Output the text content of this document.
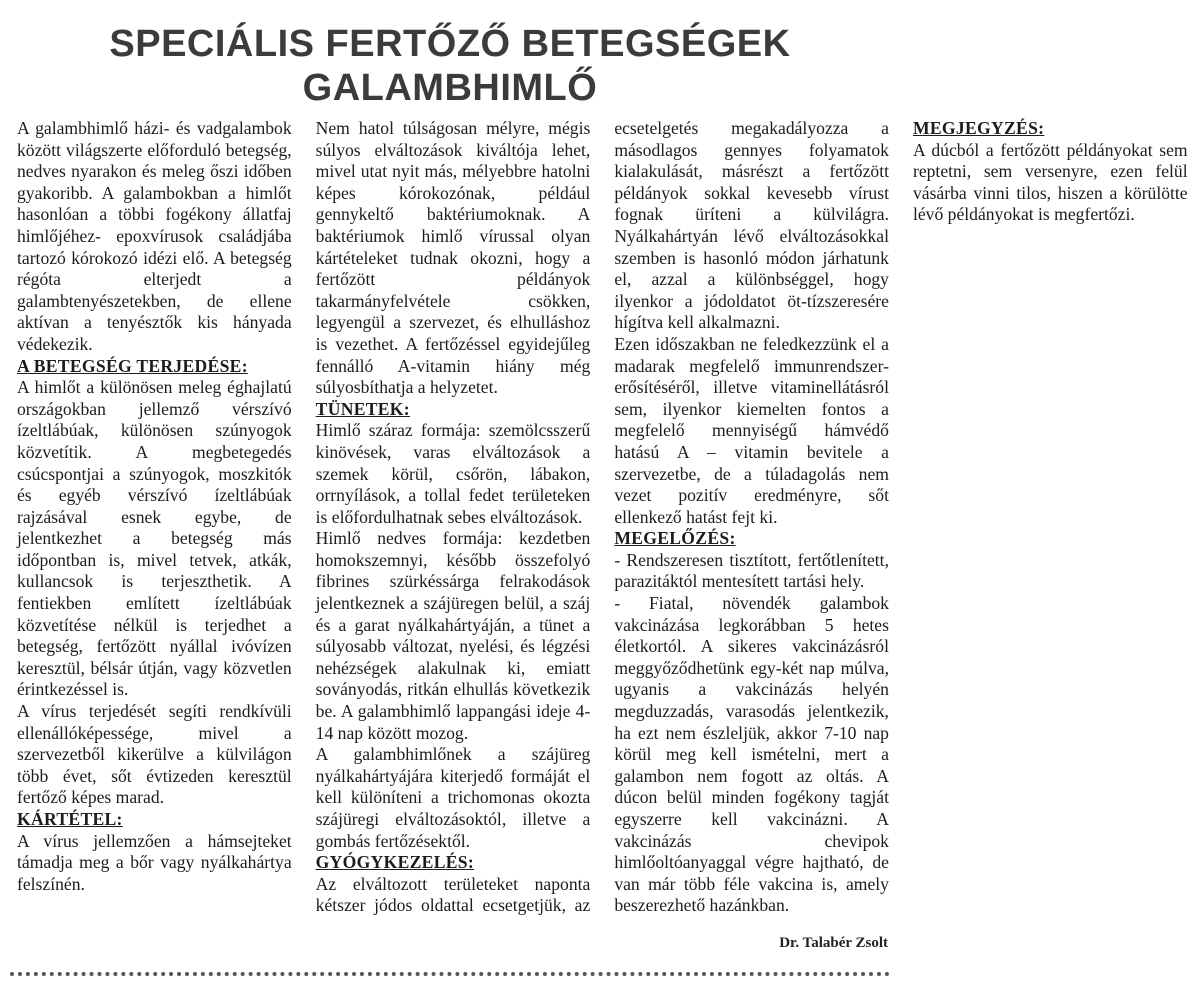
SPECIÁLIS FERTŐZŐ BETEGSÉGEK
GALAMBHIMLŐ

A galambhimlő házi- és vadgalambok között világszerte előforduló betegség, nedves nyarakon és meleg őszi időben gyakoribb. A galambokban a himlőt hasonlóan a többi fogékony állatfaj himlőjéhez- epoxvírusok családjába tartozó kórokozó idézi elő. A betegség régóta elterjedt a galambtenyészetekben, de ellene aktívan a tenyésztők kis hányada védekezik.

A BETEGSÉG TERJEDÉSE:

A himlőt a különösen meleg éghajlatú országokban jellemző vérszívó ízeltlábúak, különösen szúnyogok közvetítik. A megbetegedés csúcspontjai a szúnyogok, moszkitók és egyéb vérszívó ízeltlábúak rajzásával esnek egybe, de jelentkezhet a betegség más időpontban is, mivel tetvek, atkák, kullancsok is terjeszthetik. A fentiekben említett ízeltlábúak közvetítése nélkül is terjedhet a betegség, fertőzött nyállal ivóvízen keresztül, bélsár útján, vagy közvetlen érintkezéssel is.

A vírus terjedését segíti rendkívüli ellenállóképessége, mivel a szervezetből kikerülve a külvilágon több évet, sőt évtizeden keresztül fertőző képes marad.

KÁRTÉTEL:

A vírus jellemzően a hámsejteket támadja meg a bőr vagy nyálkahártya felszínén.

Nem hatol túlságosan mélyre, mégis súlyos elváltozások kiváltója lehet, mivel utat nyit más, mélyebbre hatolni képes kórokozónak, például gennykeltő baktériumoknak. A baktériumok himlő vírussal olyan kártételeket tudnak okozni, hogy a fertőzött példányok takarmányfelvétele csökken, legyengül a szervezet, és elhulláshoz is vezethet. A fertőzéssel egyidejűleg fennálló A-vitamin hiány még súlyosbíthatja a helyzetet.

TÜNETEK:

Himlő száraz formája: szemölcsszerű kinövések, varas elváltozások a szemek körül, csőrön, lábakon, orrnyílások, a tollal fedet területeken is előfordulhatnak sebes elváltozások.

Himlő nedves formája: kezdetben homokszemnyi, később összefolyó fibrines szürkéssárga felrakodások jelentkeznek a szájüregen belül, a száj és a garat nyálkahártyáján, a tünet a súlyosabb változat, nyelési, és légzési nehézségek alakulnak ki, emiatt soványodás, ritkán elhullás következik be. A galambhimlő lappangási ideje 4-14 nap között mozog.

A galambhimlőnek a szájüreg nyálkahártyájára kiterjedő formáját el kell különíteni a trichomonas okozta szájüregi elváltozásoktól, illetve a gombás fertőzésektől.

GYÓGYKEZELÉS:

Az elváltozott területeket naponta kétszer jódos oldattal ecsetgetjük, az ecsetelgetés megakadályozza a másodlagos gennyes folyamatok kialakulását, másrészt a fertőzött példányok sokkal kevesebb vírust fognak üríteni a külvilágra. Nyálkahártyán lévő elváltozásokkal szemben is hasonló módon járhatunk el, azzal a különbséggel, hogy ilyenkor a jódoldatot öt-tízszeresére hígítva kell alkalmazni.

Ezen időszakban ne feledkezzünk el a madarak megfelelő immunrendszer-erősítéséről, illetve vitaminellátásról sem, ilyenkor kiemelten fontos a megfelelő mennyiségű hámvédő hatású A – vitamin bevitele a szervezetbe, de a túladagolás nem vezet pozitív eredményre, sőt ellenkező hatást fejt ki.

MEGELŐZÉS:

- Rendszeresen tisztított, fertőtlenített, parazitáktól mentesített tartási hely.

- Fiatal, növendék galambok vakcinázása legkorábban 5 hetes életkortól. A sikeres vakcinázásról meggyőződhetünk egy-két nap múlva, ugyanis a vakcinázás helyén megduzzadás, varasodás jelentkezik, ha ezt nem észleljük, akkor 7-10 nap körül meg kell ismételni, mert a galambon nem fogott az oltás. A dúcon belül minden fogékony tagját egyszerre kell vakcinázni. A vakcinázás chevipok himlőoltóanyaggal végre hajtható, de van már több féle vakcina is, amely beszerezhető hazánkban.

MEGJEGYZÉS:

A dúcból a fertőzött példányokat sem reptetni, sem versenyre, ezen felül vásárba vinni tilos, hiszen a körülötte lévő példányokat is megfertőzi.

Dr. Talabér Zsolt
